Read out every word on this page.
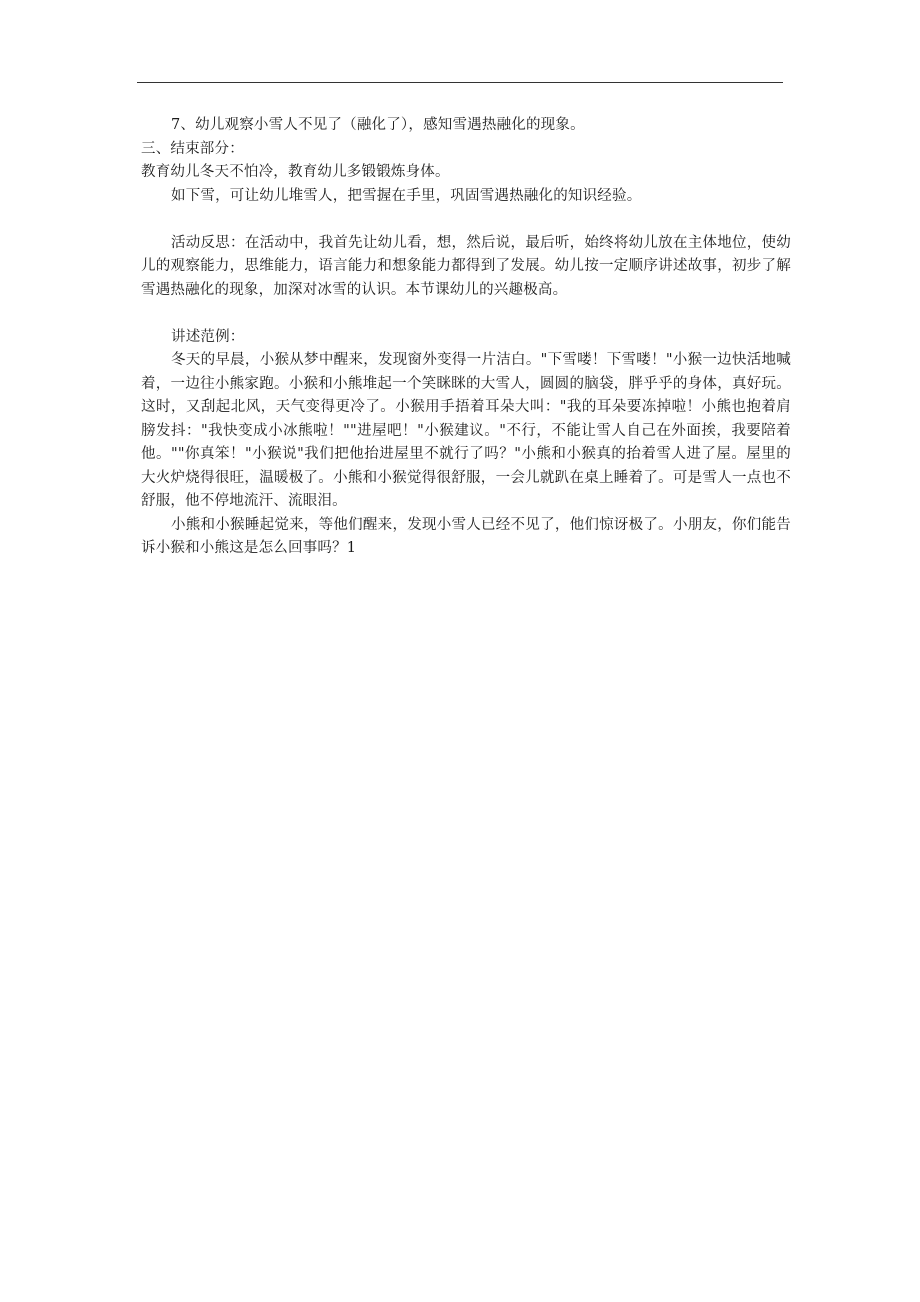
7、幼儿观察小雪人不见了（融化了），感知雪遇热融化的现象。

三、结束部分：

教育幼儿冬天不怕冷，教育幼儿多锻锻炼身体。

如下雪，可让幼儿堆雪人，把雪握在手里，巩固雪遇热融化的知识经验。

活动反思：在活动中，我首先让幼儿看，想，然后说，最后听，始终将幼儿放在主体地位，使幼儿的观察能力，思维能力，语言能力和想象能力都得到了发展。幼儿按一定顺序讲述故事，初步了解雪遇热融化的现象，加深对冰雪的认识。本节课幼儿的兴趣极高。

讲述范例：

冬天的早晨，小猴从梦中醒来，发现窗外变得一片洁白。"下雪喽！下雪喽！"小猴一边快活地喊着，一边往小熊家跑。小猴和小熊堆起一个笑眯眯的大雪人，圆圆的脑袋，胖乎乎的身体，真好玩。这时，又刮起北风，天气变得更冷了。小猴用手捂着耳朵大叫："我的耳朵要冻掉啦！小熊也抱着肩膀发抖："我快变成小冰熊啦！""进屋吧！"小猴建议。"不行，不能让雪人自己在外面挨，我要陪着他。""你真笨！"小猴说"我们把他抬进屋里不就行了吗？"小熊和小猴真的抬着雪人进了屋。屋里的大火炉烧得很旺，温暖极了。小熊和小猴觉得很舒服，一会儿就趴在桌上睡着了。可是雪人一点也不舒服，他不停地流汗、流眼泪。

小熊和小猴睡起觉来，等他们醒来，发现小雪人已经不见了，他们惊讶极了。小朋友，你们能告诉小猴和小熊这是怎么回事吗？1
